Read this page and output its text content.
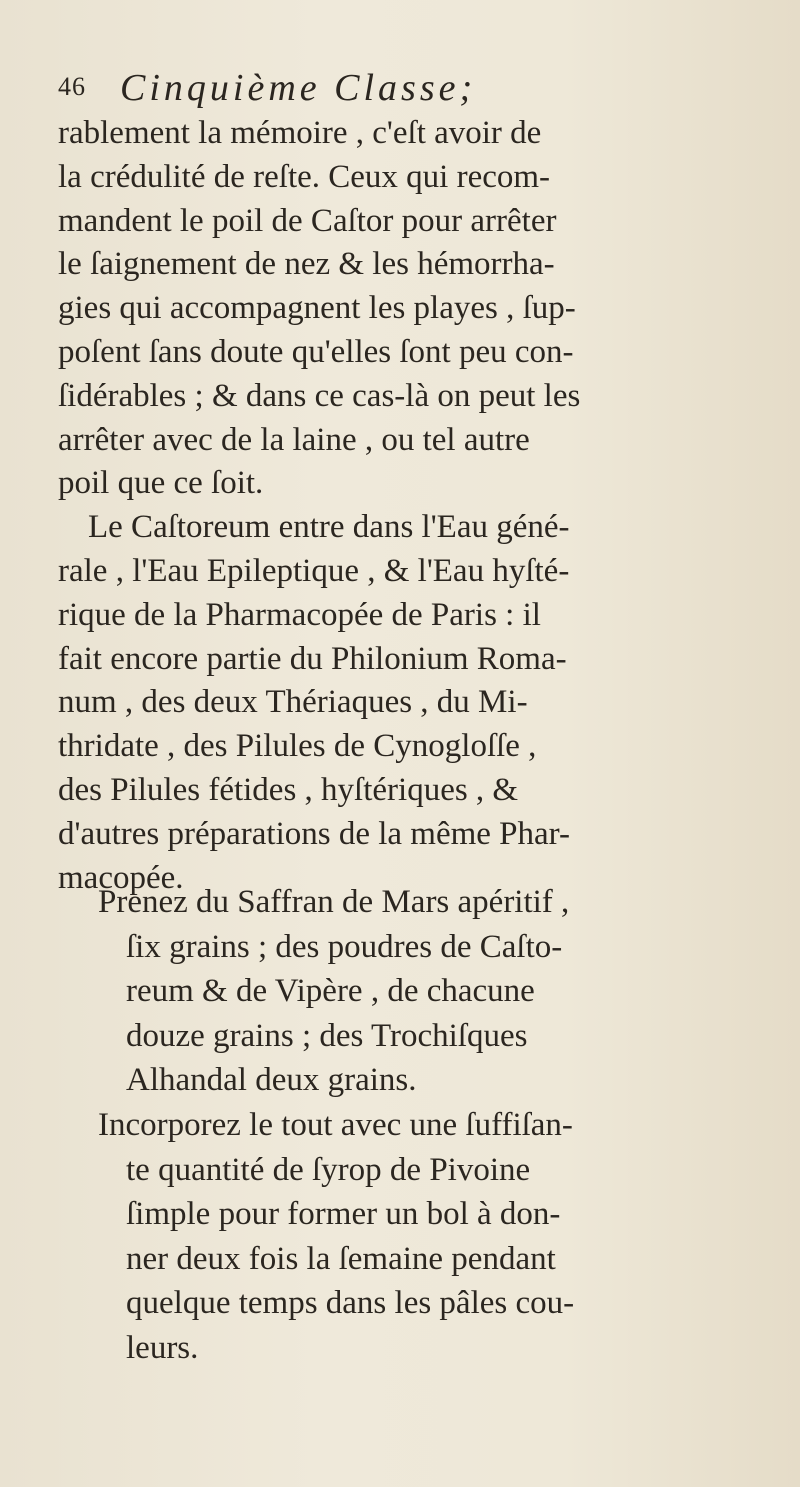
46 Cinquième Classe;
rablement la mémoire , c'eſt avoir de
la crédulité de reſte. Ceux qui recom-
mandent le poil de Caſtor pour arrêter
le ſaignement de nez & les hémorrha-
gies qui accompagnent les playes , ſup-
poſent ſans doute qu'elles ſont peu con-
ſidérables ; & dans ce cas-là on peut les
arrêter avec de la laine , ou tel autre
poil que ce ſoit.
Le Caſtoreum entre dans l'Eau géné-
rale , l'Eau Epileptique , & l'Eau hyſté-
rique de la Pharmacopée de Paris : il
fait encore partie du Philonium Roma-
num , des deux Thériaques , du Mi-
thridate , des Pilules de Cynogloſſe ,
des Pilules fétides , hyſtériques , &
d'autres préparations de la même Phar-
macopée.
Prenez du Saffran de Mars apéritif ,
ſix grains ; des poudres de Caſto-
reum & de Vipère , de chacune
douze grains ; des Trochiſques
Alhandal deux grains.
Incorporez le tout avec une ſuffiſan-
te quantité de ſyrop de Pivoine
ſimple pour former un bol à don-
ner deux fois la ſemaine pendant
quelque temps dans les pâles cou-
leurs.
